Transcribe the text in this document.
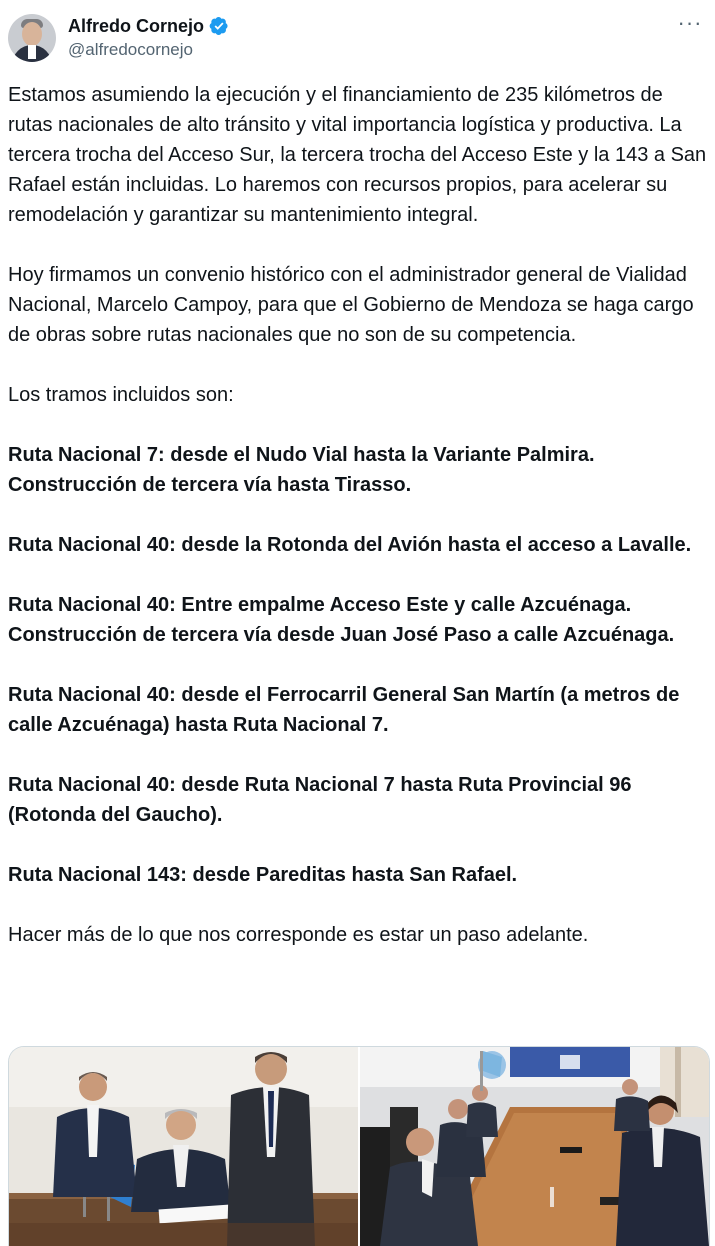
Alfredo Cornejo
@alfredocornejo
···

Estamos asumiendo la ejecución y el financiamiento de 235 kilómetros de rutas nacionales de alto tránsito y vital importancia logística y productiva. La tercera trocha del Acceso Sur, la tercera trocha del Acceso Este y la 143 a San Rafael están incluidas. Lo haremos con recursos propios, para acelerar su remodelación y garantizar su mantenimiento integral.

Hoy firmamos un convenio histórico con el administrador general de Vialidad Nacional, Marcelo Campoy, para que el Gobierno de Mendoza se haga cargo de obras sobre rutas nacionales que no son de su competencia.

Los tramos incluidos son:

Ruta Nacional 7: desde el Nudo Vial hasta la Variante Palmira. Construcción de tercera vía hasta Tirasso.

Ruta Nacional 40: desde la Rotonda del Avión hasta el acceso a Lavalle.

Ruta Nacional 40: Entre empalme Acceso Este y calle Azcuénaga. Construcción de tercera vía desde Juan José Paso a calle Azcuénaga.

Ruta Nacional 40: desde el Ferrocarril General San Martín (a metros de calle Azcuénaga) hasta Ruta Nacional 7.

Ruta Nacional 40: desde Ruta Nacional 7 hasta Ruta Provincial 96 (Rotonda del Gaucho).

Ruta Nacional 143: desde Pareditas hasta San Rafael.

Hacer más de lo que nos corresponde es estar un paso adelante.
